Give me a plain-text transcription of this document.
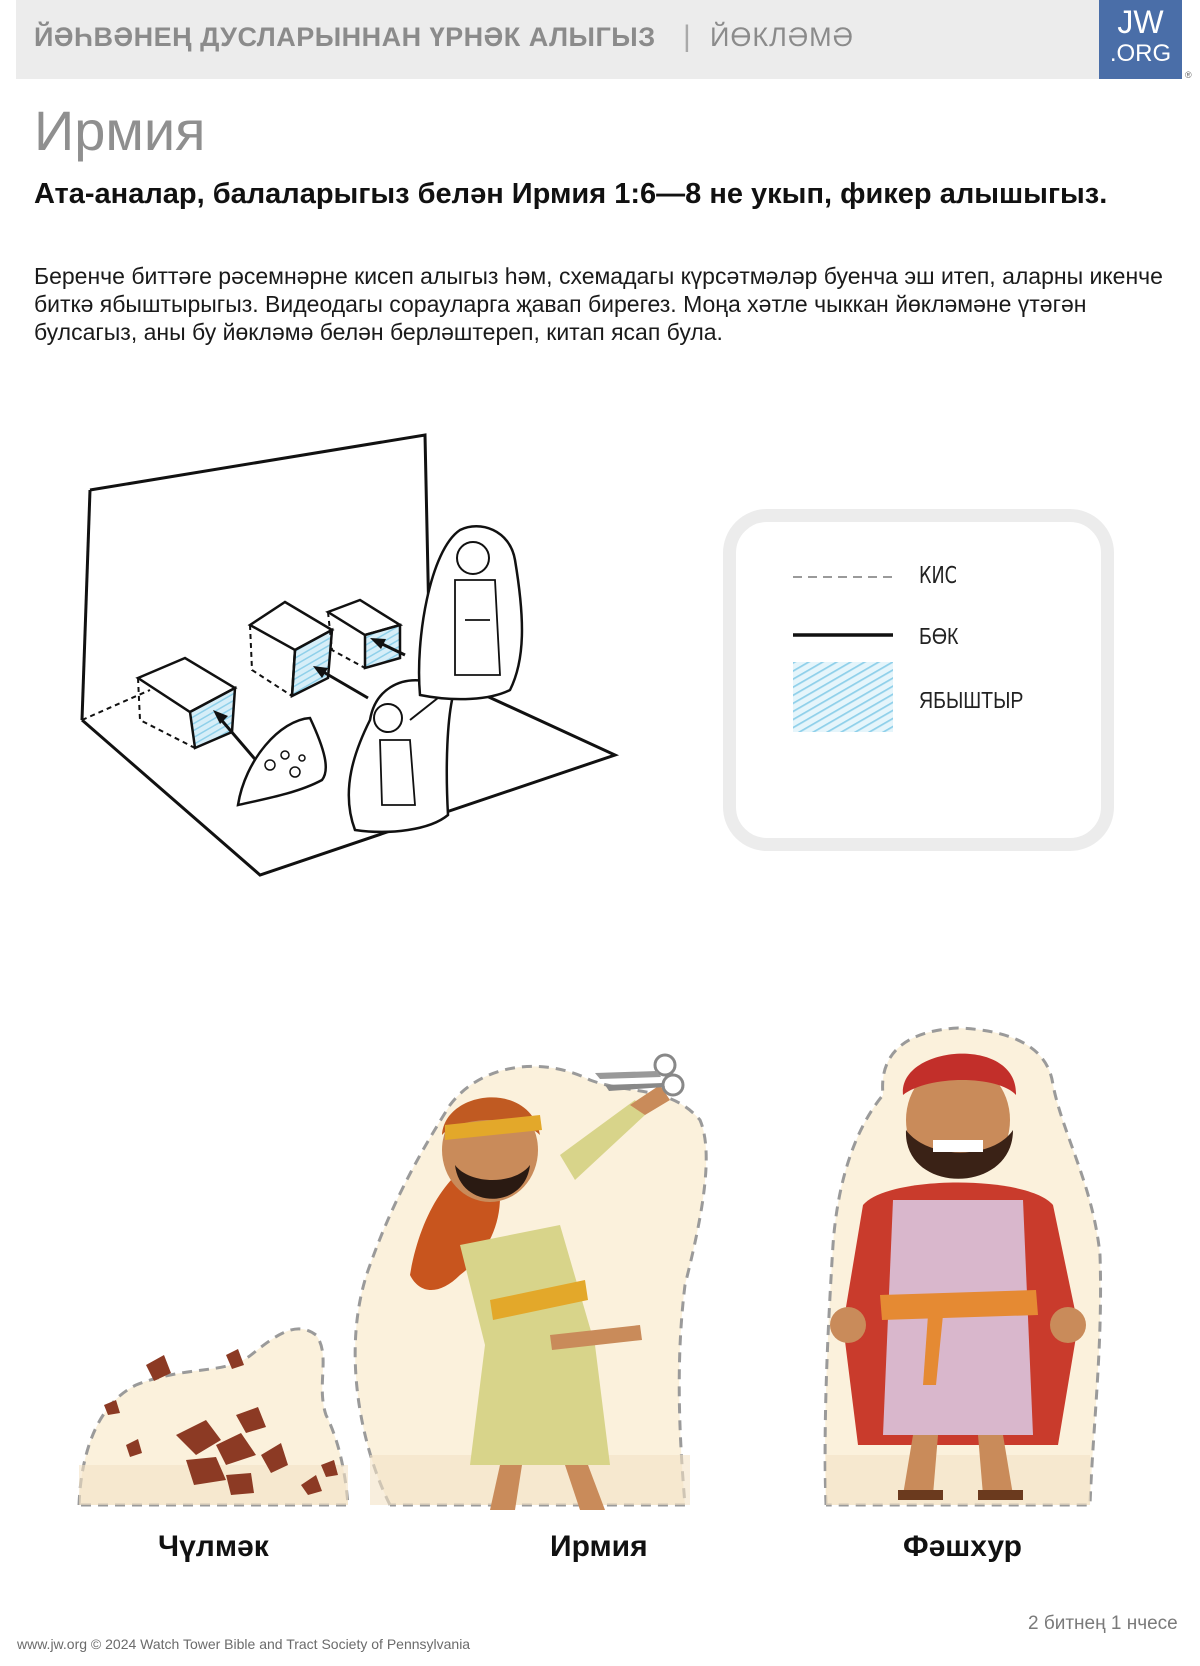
ЙӘҺВӘНЕҢ ДУСЛАРЫННАН ҮРНӘК АЛЫГЫЗ | ЙӨКЛӘМӘ	JW
.ORG
®
Ирмия
Ата-аналар, балаларыгыз белән Ирмия 1:6—8 не укып, фикер алышыгыз.
Беренче биттәге рәсемнәрне кисеп алыгыз һәм, схемадагы күрсәтмәләр буенча эш итеп, аларны икенче биткә ябыштырыгыз. Видеодагы сорауларга җавап бирегез. Моңа хәтле чыккан йөкләмәне үтәгән булсагыз, аны бу йөкләмә белән берләштереп, китап ясап була.
КИС
БӨК
ЯБЫШТЫР
Чүлмәк	Ирмия	Фәшхур
2 битнең 1 нчесе
www.jw.org © 2024 Watch Tower Bible and Tract Society of Pennsylvania
